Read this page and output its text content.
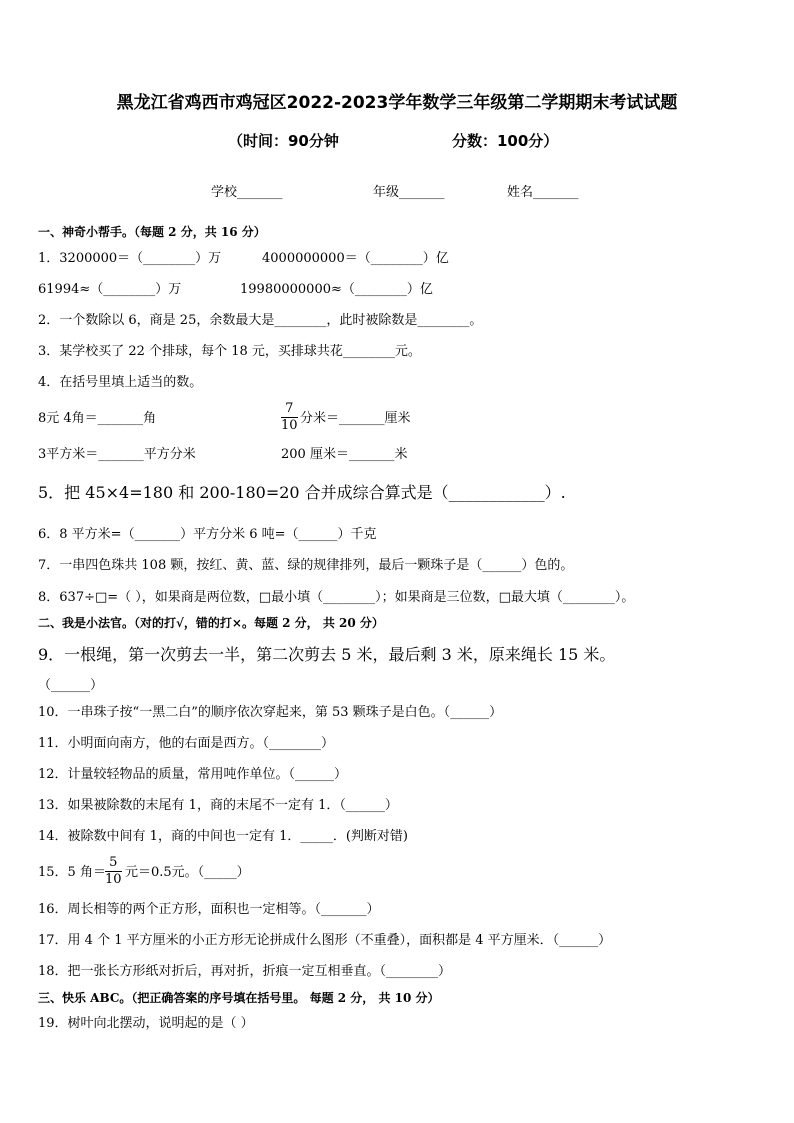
黑龙江省鸡西市鸡冠区2022-2023学年数学三年级第二学期期末考试试题
（时间：90分钟	分数：100分）
学校_______	年级_______	姓名_______
一、神奇小帮手。（每题 2 分，共 16 分）
1．3200000＝（________）万	4000000000＝（________）亿
61994≈（________）万	19980000000≈（________）亿
2．一个数除以 6，商是 25，余数最大是________，此时被除数是________。
3．某学校买了 22 个排球，每个 18 元，买排球共花________元。
4．在括号里填上适当的数。
8元 4角＝_______角	$\frac{7}{10}$ 分米＝_______厘米
3平方米＝_______平方分米	200 厘米＝_______米
5．把 45×4=180 和 200-180=20 合并成综合算式是（____________）.
6．8 平方米=（_______）平方分米 6 吨=（______）千克
7．一串四色珠共 108 颗，按红、黄、蓝、绿的规律排列，最后一颗珠子是（______）色的。
8．637÷□=（ ），如果商是两位数，□最小填（________）；如果商是三位数，□最大填（________）。
二、我是小法官。（对的打√，错的打×。每题 2 分， 共 20 分）
9．一根绳，第一次剪去一半，第二次剪去 5 米，最后剩 3 米，原来绳长 15 米。
（______）
10．一串珠子按“一黑二白”的顺序依次穿起来，第 53 颗珠子是白色。（______）
11．小明面向南方，他的右面是西方。（________）
12．计量较轻物品的质量，常用吨作单位。（______）
13．如果被除数的末尾有 1，商的末尾不一定有 1．（______）
14．被除数中间有 1，商的中间也一定有 1．_____．(判断对错)
15．5 角＝ $\frac{5}{10}$ 元＝0.5元。（_____）
16．周长相等的两个正方形，面积也一定相等。（_______）
17．用 4 个 1 平方厘米的小正方形无论拼成什么图形（不重叠），面积都是 4 平方厘米．（______）
18．把一张长方形纸对折后，再对折，折痕一定互相垂直。（________）
三、快乐 ABC。（把正确答案的序号填在括号里。 每题 2 分， 共 10 分）
19．树叶向北摆动，说明起的是（ ）
